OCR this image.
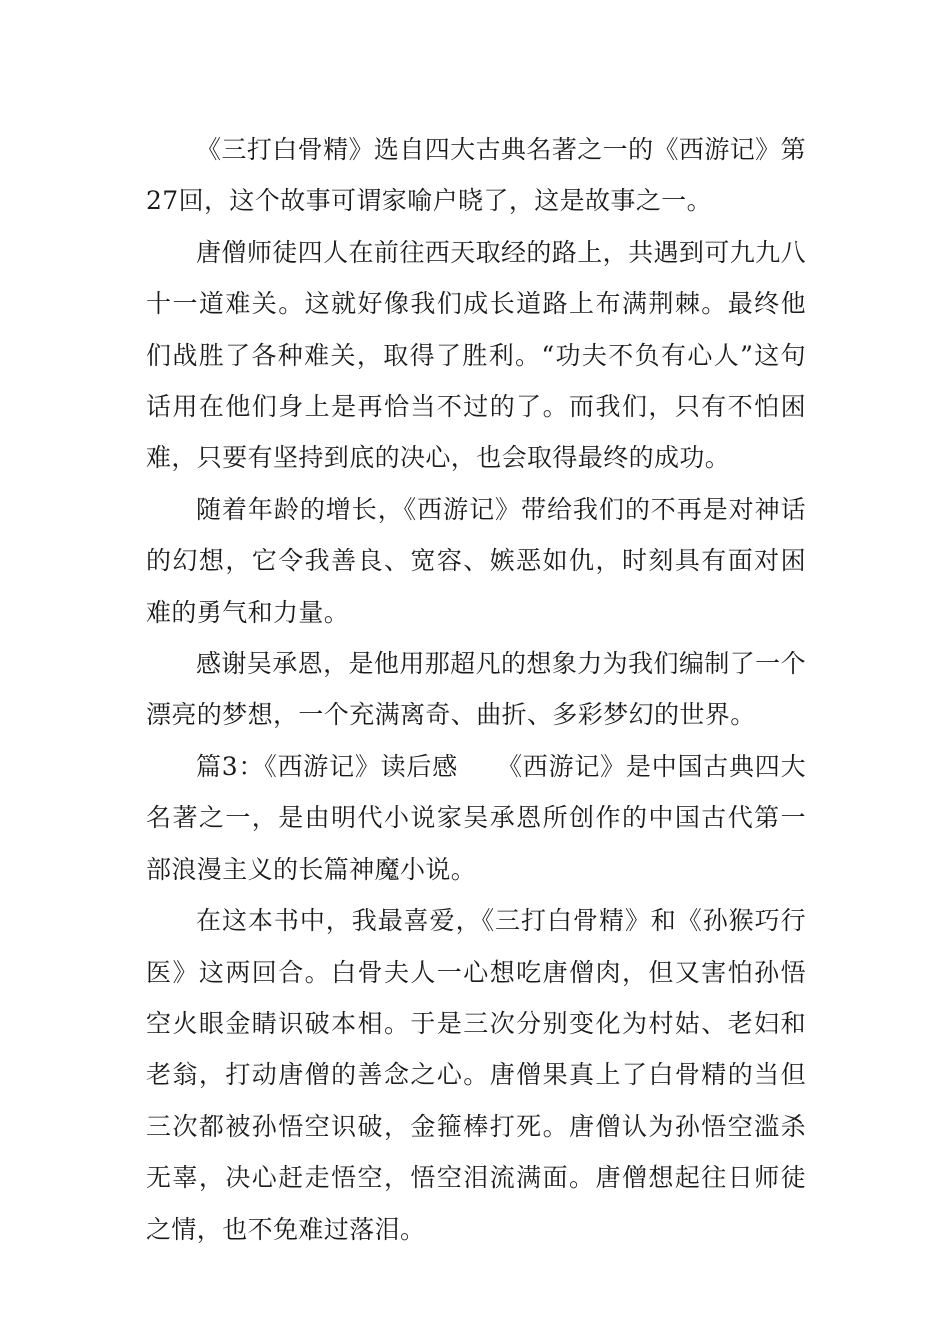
《三打白骨精》选自四大古典名著之一的《西游记》第27回，这个故事可谓家喻户晓了，这是故事之一。

唐僧师徒四人在前往西天取经的路上，共遇到可九九八十一道难关。这就好像我们成长道路上布满荆棘。最终他们战胜了各种难关，取得了胜利。“功夫不负有心人”这句话用在他们身上是再恰当不过的了。而我们，只有不怕困难，只要有坚持到底的决心，也会取得最终的成功。

随着年龄的增长，《西游记》带给我们的不再是对神话的幻想，它令我善良、宽容、嫉恶如仇，时刻具有面对困难的勇气和力量。

感谢吴承恩，是他用那超凡的想象力为我们编制了一个漂亮的梦想，一个充满离奇、曲折、多彩梦幻的世界。

篇3：《西游记》读后感　　《西游记》是中国古典四大名著之一，是由明代小说家吴承恩所创作的中国古代第一部浪漫主义的长篇神魔小说。

在这本书中，我最喜爱，《三打白骨精》和《孙猴巧行医》这两回合。白骨夫人一心想吃唐僧肉，但又害怕孙悟空火眼金睛识破本相。于是三次分别变化为村姑、老妇和老翁，打动唐僧的善念之心。唐僧果真上了白骨精的当但三次都被孙悟空识破，金箍棒打死。唐僧认为孙悟空滥杀无辜，决心赶走悟空，悟空泪流满面。唐僧想起往日师徒之情，也不免难过落泪。
